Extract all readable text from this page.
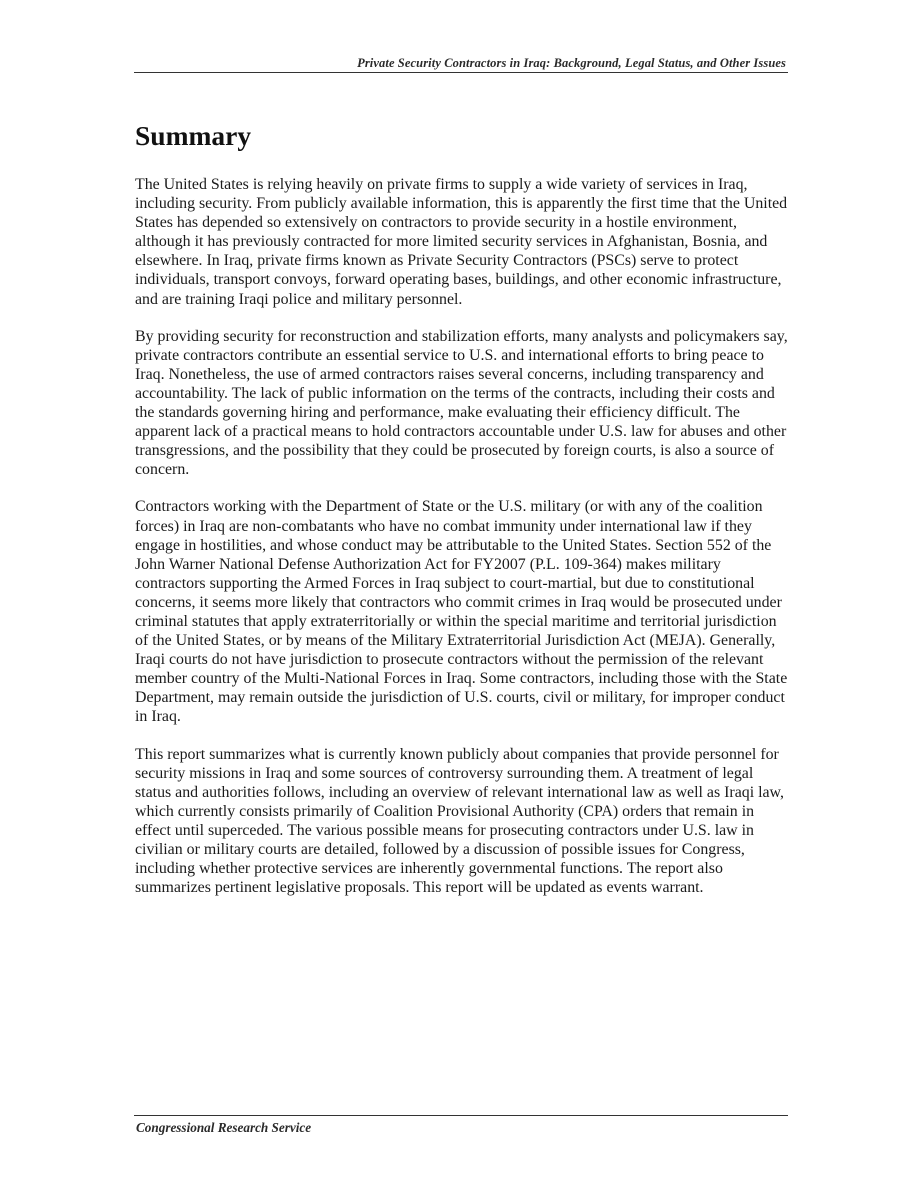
Private Security Contractors in Iraq: Background, Legal Status, and Other Issues
Summary

The United States is relying heavily on private firms to supply a wide variety of services in Iraq, including security. From publicly available information, this is apparently the first time that the United States has depended so extensively on contractors to provide security in a hostile environment, although it has previously contracted for more limited security services in Afghanistan, Bosnia, and elsewhere. In Iraq, private firms known as Private Security Contractors (PSCs) serve to protect individuals, transport convoys, forward operating bases, buildings, and other economic infrastructure, and are training Iraqi police and military personnel.

By providing security for reconstruction and stabilization efforts, many analysts and policymakers say, private contractors contribute an essential service to U.S. and international efforts to bring peace to Iraq. Nonetheless, the use of armed contractors raises several concerns, including transparency and accountability. The lack of public information on the terms of the contracts, including their costs and the standards governing hiring and performance, make evaluating their efficiency difficult. The apparent lack of a practical means to hold contractors accountable under U.S. law for abuses and other transgressions, and the possibility that they could be prosecuted by foreign courts, is also a source of concern.

Contractors working with the Department of State or the U.S. military (or with any of the coalition forces) in Iraq are non-combatants who have no combat immunity under international law if they engage in hostilities, and whose conduct may be attributable to the United States. Section 552 of the John Warner National Defense Authorization Act for FY2007 (P.L. 109-364) makes military contractors supporting the Armed Forces in Iraq subject to court-martial, but due to constitutional concerns, it seems more likely that contractors who commit crimes in Iraq would be prosecuted under criminal statutes that apply extraterritorially or within the special maritime and territorial jurisdiction of the United States, or by means of the Military Extraterritorial Jurisdiction Act (MEJA). Generally, Iraqi courts do not have jurisdiction to prosecute contractors without the permission of the relevant member country of the Multi-National Forces in Iraq. Some contractors, including those with the State Department, may remain outside the jurisdiction of U.S. courts, civil or military, for improper conduct in Iraq.

This report summarizes what is currently known publicly about companies that provide personnel for security missions in Iraq and some sources of controversy surrounding them. A treatment of legal status and authorities follows, including an overview of relevant international law as well as Iraqi law, which currently consists primarily of Coalition Provisional Authority (CPA) orders that remain in effect until superceded. The various possible means for prosecuting contractors under U.S. law in civilian or military courts are detailed, followed by a discussion of possible issues for Congress, including whether protective services are inherently governmental functions. The report also summarizes pertinent legislative proposals. This report will be updated as events warrant.

Congressional Research Service
